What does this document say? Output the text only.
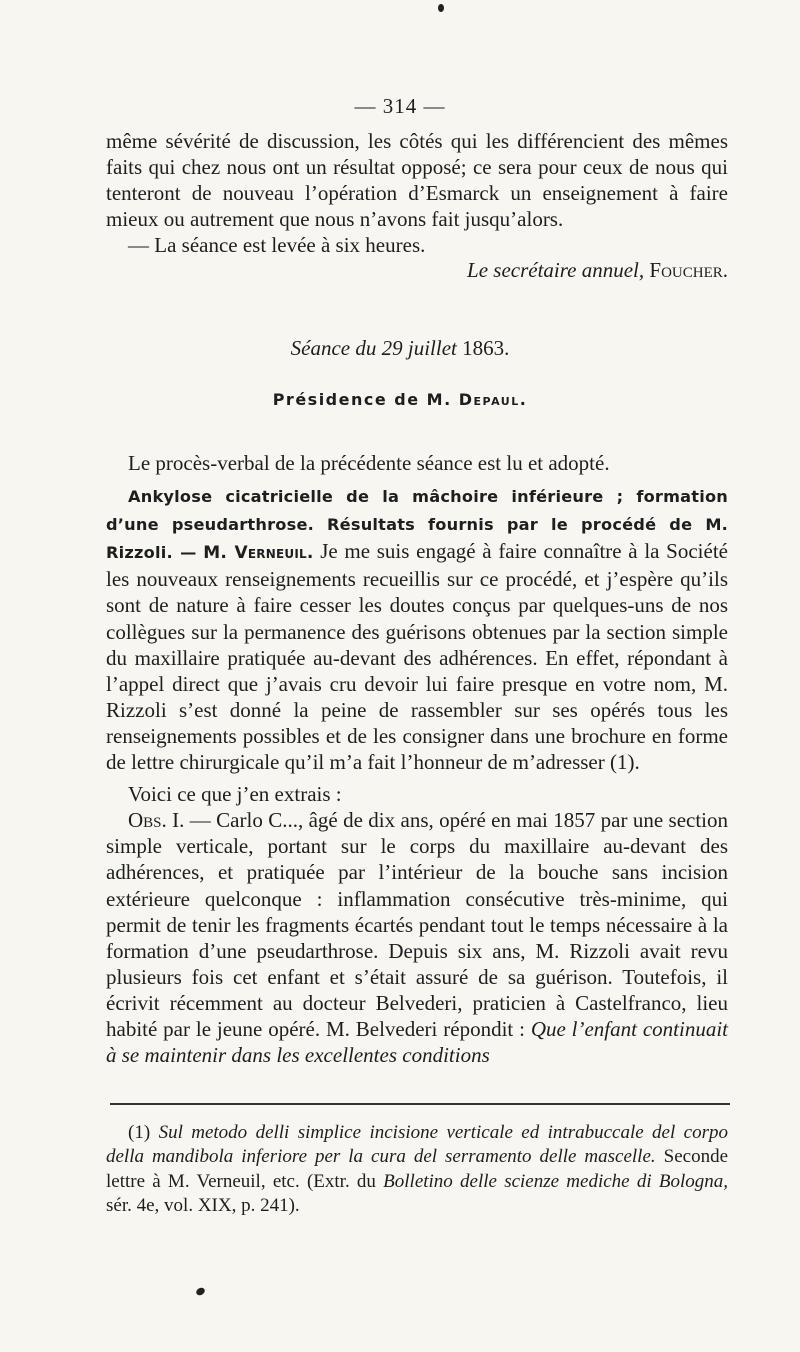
— 314 —

même sévérité de discussion, les côtés qui les différencient des mêmes faits qui chez nous ont un résultat opposé; ce sera pour ceux de nous qui tenteront de nouveau l’opération d’Esmarck un enseignement à faire mieux ou autrement que nous n’avons fait jusqu’alors.

— La séance est levée à six heures.

Le secrétaire annuel, Foucher.
Séance du 29 juillet 1863.
Présidence de M. Depaul.

Le procès-verbal de la précédente séance est lu et adopté.

Ankylose cicatricielle de la mâchoire inférieure ; formation d’une pseudarthrose. Résultats fournis par le procédé de M. Rizzoli. — M. Verneuil. Je me suis engagé à faire connaître à la Société les nouveaux renseignements recueillis sur ce procédé, et j’espère qu’ils sont de nature à faire cesser les doutes conçus par quelques-uns de nos collègues sur la permanence des guérisons obtenues par la section simple du maxillaire pratiquée au-devant des adhérences. En effet, répondant à l’appel direct que j’avais cru devoir lui faire presque en votre nom, M. Rizzoli s’est donné la peine de rassembler sur ses opérés tous les renseignements possibles et de les consigner dans une brochure en forme de lettre chirurgicale qu’il m’a fait l’honneur de m’adresser (1).

Voici ce que j’en extrais :

Obs. I. — Carlo C..., âgé de dix ans, opéré en mai 1857 par une section simple verticale, portant sur le corps du maxillaire au-devant des adhérences, et pratiquée par l’intérieur de la bouche sans incision extérieure quelconque : inflammation consécutive très-minime, qui permit de tenir les fragments écartés pendant tout le temps nécessaire à la formation d’une pseudarthrose. Depuis six ans, M. Rizzoli avait revu plusieurs fois cet enfant et s’était assuré de sa guérison. Toutefois, il écrivit récemment au docteur Belvederi, praticien à Castelfranco, lieu habité par le jeune opéré. M. Belvederi répondit : Que l’enfant continuait à se maintenir dans les excellentes conditions

(1) Sul metodo delli simplice incisione verticale ed intrabuccale del corpo della mandibola inferiore per la cura del serramento delle mascelle. Seconde lettre à M. Verneuil, etc. (Extr. du Bolletino delle scienze mediche di Bologna, sér. 4e, vol. XIX, p. 241).
